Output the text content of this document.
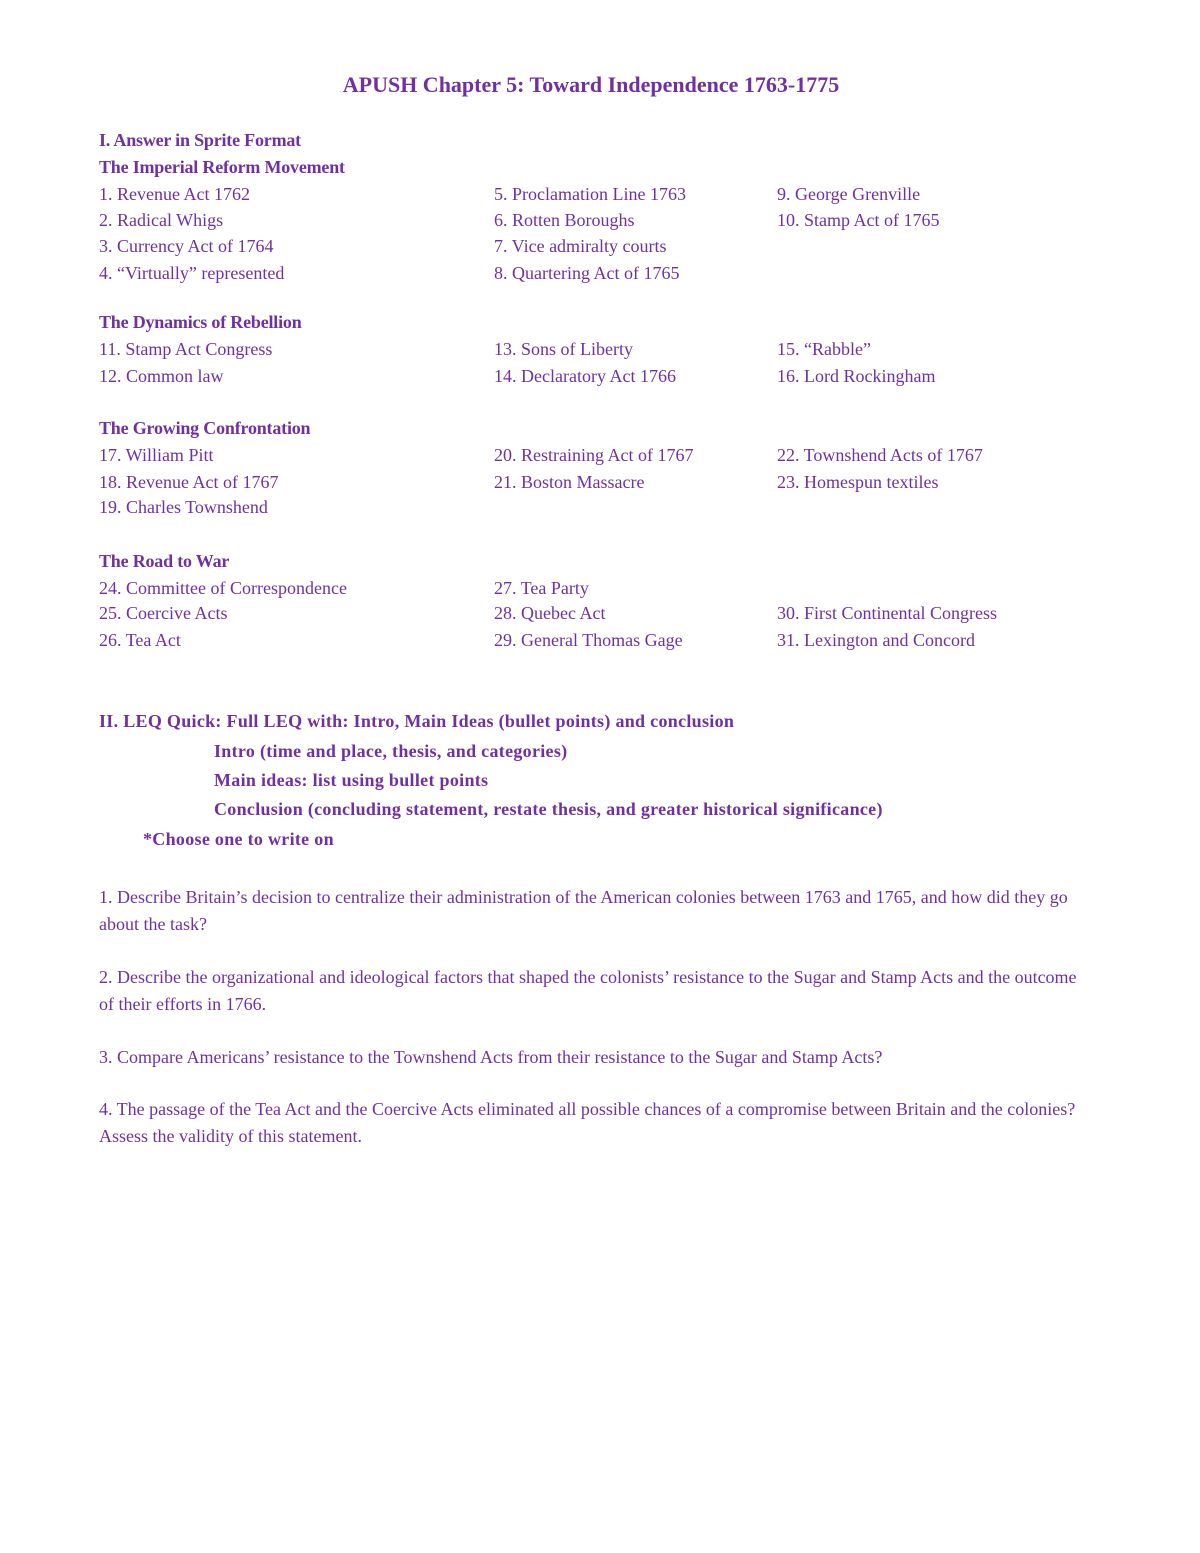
APUSH Chapter 5: Toward Independence 1763-1775
I. Answer in Sprite Format
The Imperial Reform Movement
1. Revenue Act 1762
2. Radical Whigs
3. Currency Act of 1764
4. “Virtually” represented
5. Proclamation Line 1763
6. Rotten Boroughs
7. Vice admiralty courts
8. Quartering Act of 1765
9. George Grenville
10. Stamp Act of 1765
The Dynamics of Rebellion
11. Stamp Act Congress
12. Common law
13. Sons of Liberty
14. Declaratory Act 1766
15. “Rabble”
16. Lord Rockingham
The Growing Confrontation
17. William Pitt
18. Revenue Act of 1767
19. Charles Townshend
20. Restraining Act of 1767
21. Boston Massacre
22. Townshend Acts of 1767
23. Homespun textiles
The Road to War
24. Committee of Correspondence
25. Coercive Acts
26. Tea Act
27. Tea Party
28. Quebec Act
29. General Thomas Gage
30. First Continental Congress
31. Lexington and Concord
II. LEQ Quick: Full LEQ with: Intro, Main Ideas (bullet points) and conclusion
Intro (time and place, thesis, and categories)
Main ideas: list using bullet points
Conclusion (concluding statement, restate thesis, and greater historical significance)
*Choose one to write on
1. Describe Britain’s decision to centralize their administration of the American colonies between 1763 and 1765, and how did they go about the task?
2. Describe the organizational and ideological factors that shaped the colonists’ resistance to the Sugar and Stamp Acts and the outcome of their efforts in 1766.
3. Compare Americans’ resistance to the Townshend Acts from their resistance to the Sugar and Stamp Acts?
4. The passage of the Tea Act and the Coercive Acts eliminated all possible chances of a compromise between Britain and the colonies? Assess the validity of this statement.
